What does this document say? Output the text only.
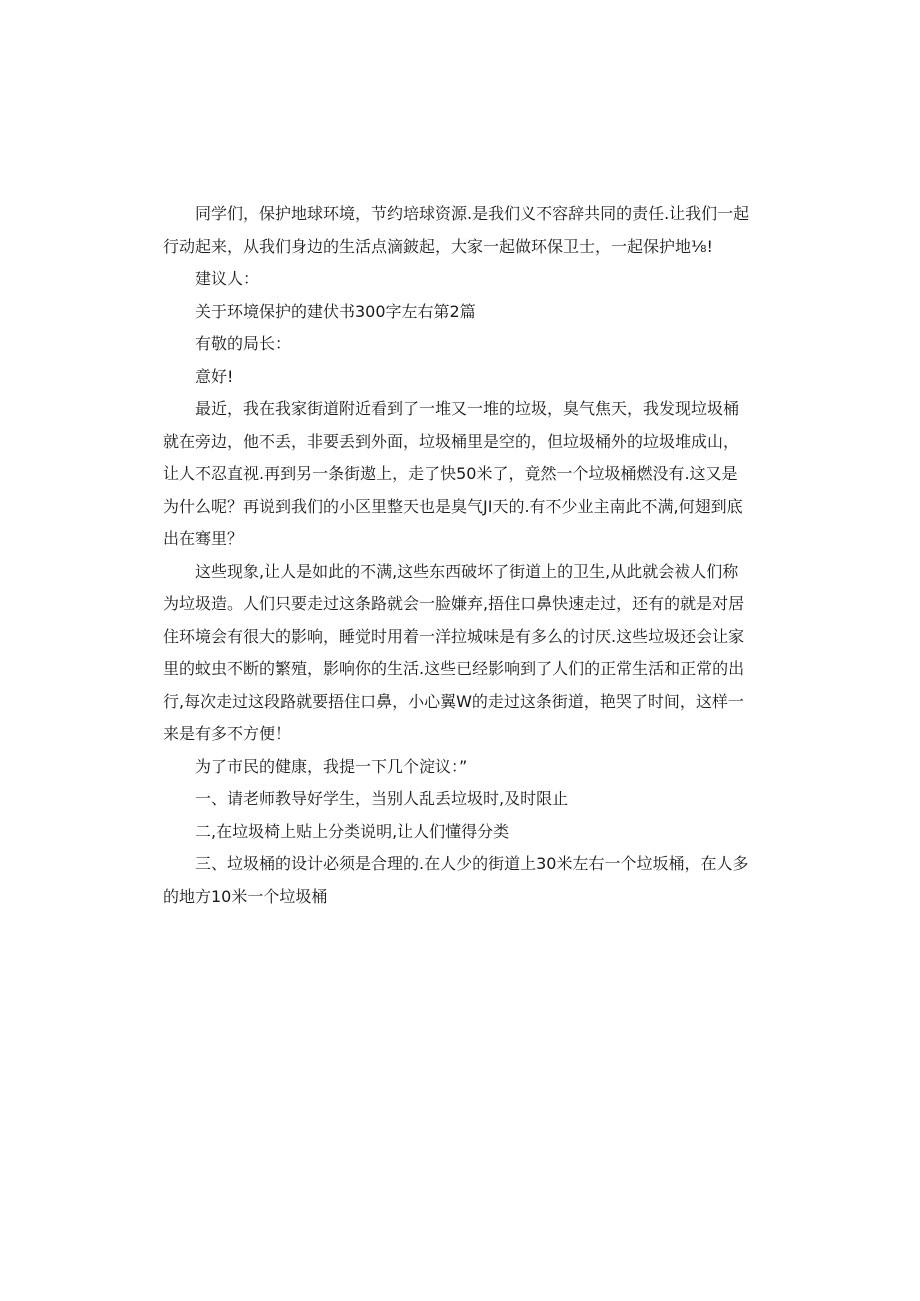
同学们，保护地球环境，节约培球资源.是我们义不容辞共同的责任.让我们一起行动起来，从我们身边的生活点滴鈹起，大家一起做环保卫士，一起保护地⅛!

建议人：

关于环境保护的建伏书300字左右第2篇

有敬的局长：

意好!

最近，我在我家街道附近看到了一堆又一堆的垃圾，臭气焦天，我发现垃圾桶就在旁边，他不丢，非要丢到外面，垃圾桶里是空的，但垃圾桶外的垃圾堆成山，让人不忍直视.再到另一条街遨上，走了快50米了，竟然一个垃圾桶燃没有.这又是为什么呢？再说到我们的小区里整天也是臭气JI天的.有不少业主南此不满,何翅到底出在骞里？

这些现象,让人是如此的不满,这些东西破坏了街道上的卫生,从此就会袚人们称为垃圾造。人们只要走过这条路就会一脸嫌弃,捂住口鼻快速走过，还有的就是对居住环境会有很大的影响，睡觉时用着一洋拉城味是有多么的讨厌.这些垃圾还会让家里的蚊虫不断的繁殖，影响你的生活.这些已经影响到了人们的正常生活和正常的出行,每次走过这段路就要捂住口鼻，小心翼W的走过这条街道，艳哭了时间，这样一来是有多不方便！

为了市民的健康，我提一下几个淀议：”

一、请老师教导好学生，当别人乱丢垃圾时,及时限止

二,在垃圾椅上贴上分类说明,让人们懂得分类

三、垃圾桶的设计必须是合理的.在人少的街道上30米左右一个垃坂桶，在人多的地方10米一个垃圾桶
